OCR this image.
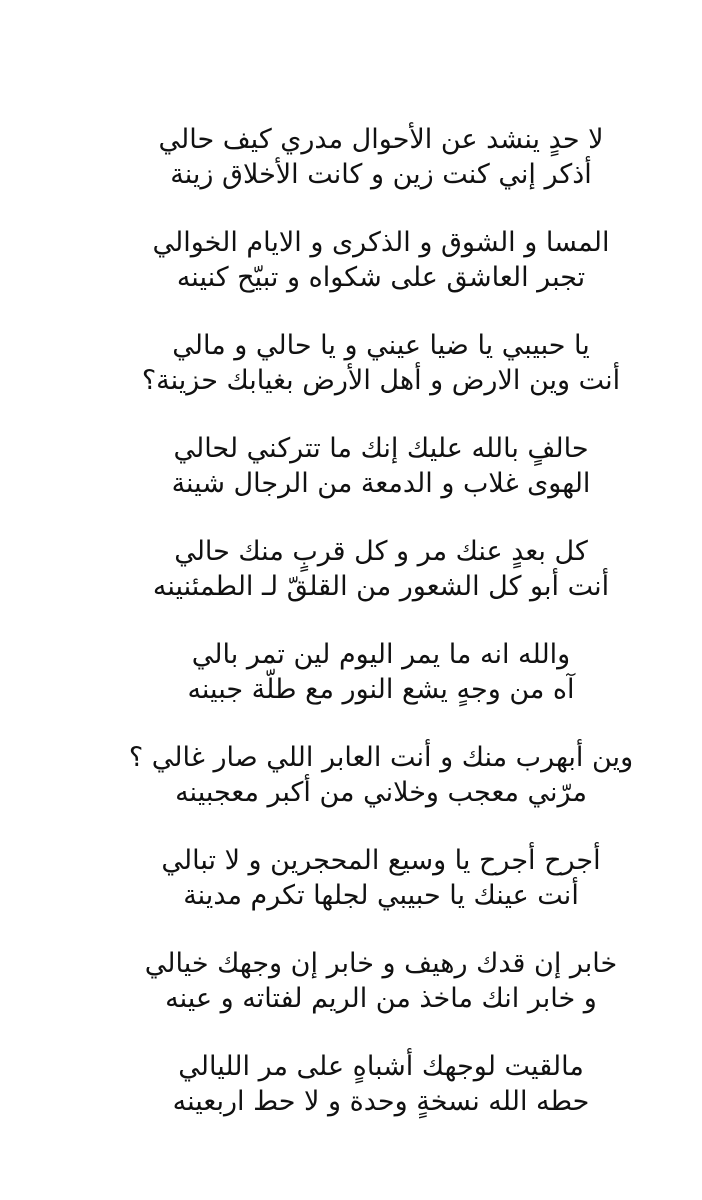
لا حدٍ ينشد عن الأحوال مدري كيف حالي
أذكر إني كنت زين و كانت الأخلاق زينة
المسا و الشوق و الذكرى و الايام الخوالي
تجبر العاشق على شكواه و تبيّح كنينه
يا حبيبي يا ضيا عيني و يا حالي و مالي
أنت وين الارض و أهل الأرض بغيابك حزينة؟
حالفٍ بالله عليك إنك ما تتركني لحالي
الهوى غلاب و الدمعة من الرجال شينة
كل بعدٍ عنك مر و كل قربٍ منك حالي
أنت أبو كل الشعور من القلقّ لـ الطمئنينه
والله انه ما يمر اليوم لين تمر بالي
آه من وجهٍ يشع النور مع طلّة جبينه
وين أبهرب منك و أنت العابر اللي صار غالي ؟
مرّني معجب وخلاني من أكبر معجبينه
أجرح أجرح يا وسيع المحجرين و لا تبالي
أنت عينك يا حبيبي لجلها تكرم مدينة
خابر إن قدك رهيف و خابر إن وجهك خيالي
و خابر انك ماخذ من الريم لفتاته و عينه
مالقيت لوجهك أشباهٍ على مر الليالي
حطه الله نسخةٍ وحدة و لا حط اربعينه
